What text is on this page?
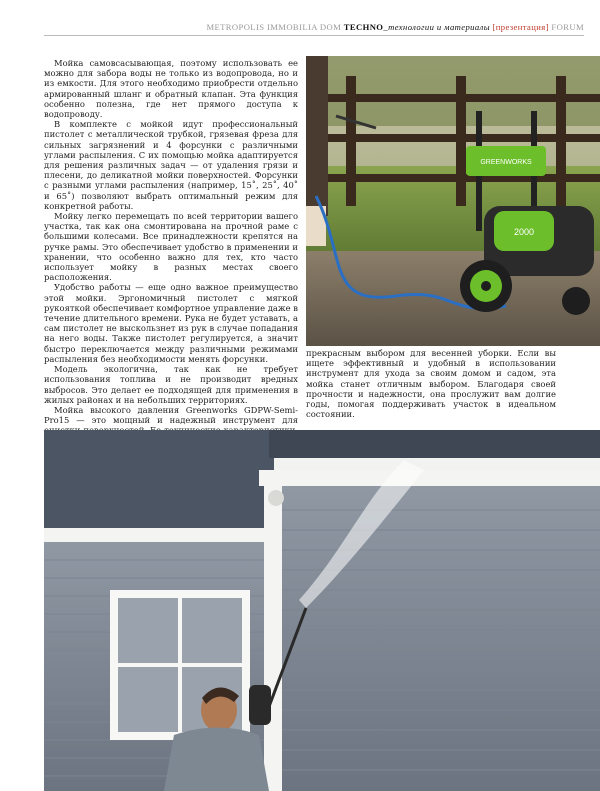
METROPOLIS IMMOBILIA DOM TECHNO_технологии и материалы [презентация] FORUM

Мойка самовсасывающая, поэтому использовать ее можно для забора воды не только из водопровода, но и из емкости. Для этого необходимо приобрести отдельно армированный шланг и обратный клапан. Эта функция особенно полезна, где нет прямого доступа к водопроводу.

В комплекте с мойкой идут профессиональный пистолет с металлической трубкой, грязевая фреза для сильных загрязнений и 4 форсунки с различными углами распыления. С их помощью мойка адаптируется для решения различных задач — от удаления грязи и плесени, до деликатной мойки поверхностей. Форсунки с разными углами распыления (например, 15˚, 25˚, 40˚ и 65˚) позволяют выбрать оптимальный режим для конкретной работы.

Мойку легко перемещать по всей территории вашего участка, так как она смонтирована на прочной раме с большими колесами. Все принадлежности крепятся на ручке рамы. Это обеспечивает удобство в применении и хранении, что особенно важно для тех, кто часто использует мойку в разных местах своего расположения.

Удобство работы — еще одно важное преимущество этой мойки. Эргономичный пистолет с мягкой рукояткой обеспечивает комфортное управление даже в течение длительного времени. Рука не будет уставать, а сам пистолет не выскользнет из рук в случае попадания на него воды. Также пистолет регулируется, а значит быстро переключается между различными режимами распыления без необходимости менять форсунки.

Модель экологична, так как не требует использования топлива и не производит вредных выбросов. Это делает ее подходящей для применения в жилых районах и на небольших территориях.

Мойка высокого давления Greenworks GDPW-Semi-Pro15 — это мощный и надежный инструмент для

прекрасным выбором для весенней уборки. Если вы ищете эффективный и удобный в использовании инструмент для ухода за своим домом и садом, эта мойка станет отличным выбором. Благодаря своей прочности и надежности, она прослужит вам долгие годы, помогая поддерживать участок в идеальном состоянии.

GREENWORKS
2000
